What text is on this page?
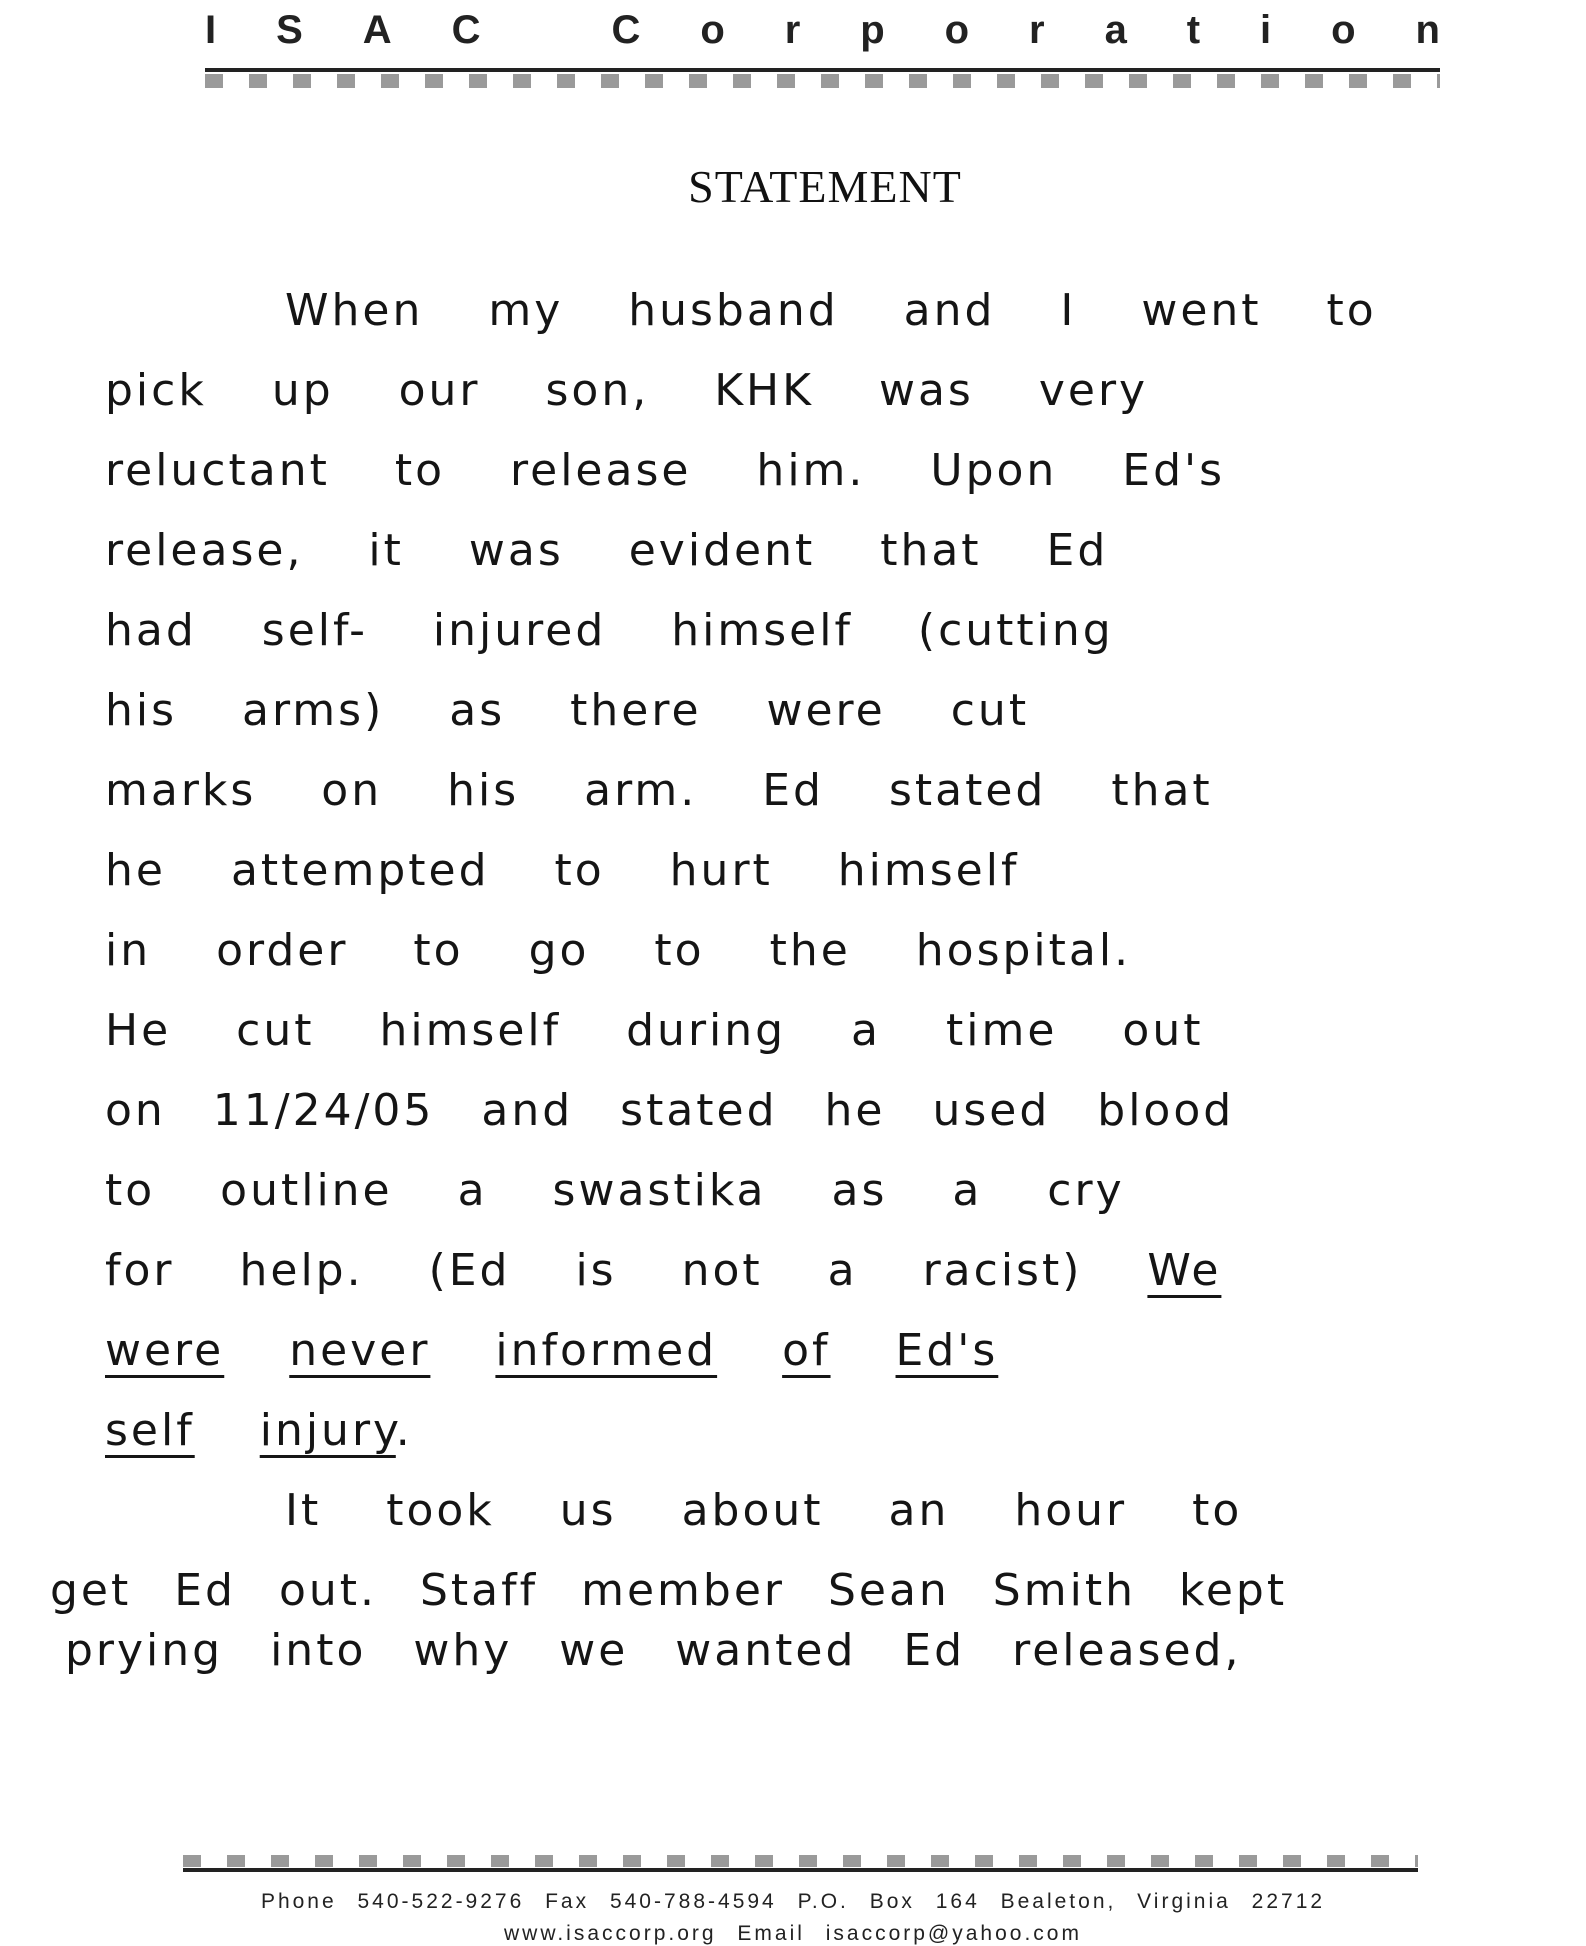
I S A C
	C o r p o r a t i o n
STATEMENT
When my husband and I went to
pick up our son, KHK was very
reluctant to release him. Upon Ed's
release, it was evident that Ed
had self- injured himself (cutting
his arms) as there were cut
marks on his arm. Ed stated that
he attempted to hurt himself
in order to go to the hospital.
He cut himself during a time out
on 11/24/05 and stated he used blood
to outline a swastika as a cry
for help. (Ed is not a racist) We
were never informed of Ed's
self injury.
It took us about an hour to
get Ed out. Staff member Sean Smith kept
prying into why we wanted Ed released,
Phone 540-522-9276 Fax 540-788-4594 P.O. Box 164 Bealeton, Virginia 22712
www.isaccorp.org Email isaccorp@yahoo.com
